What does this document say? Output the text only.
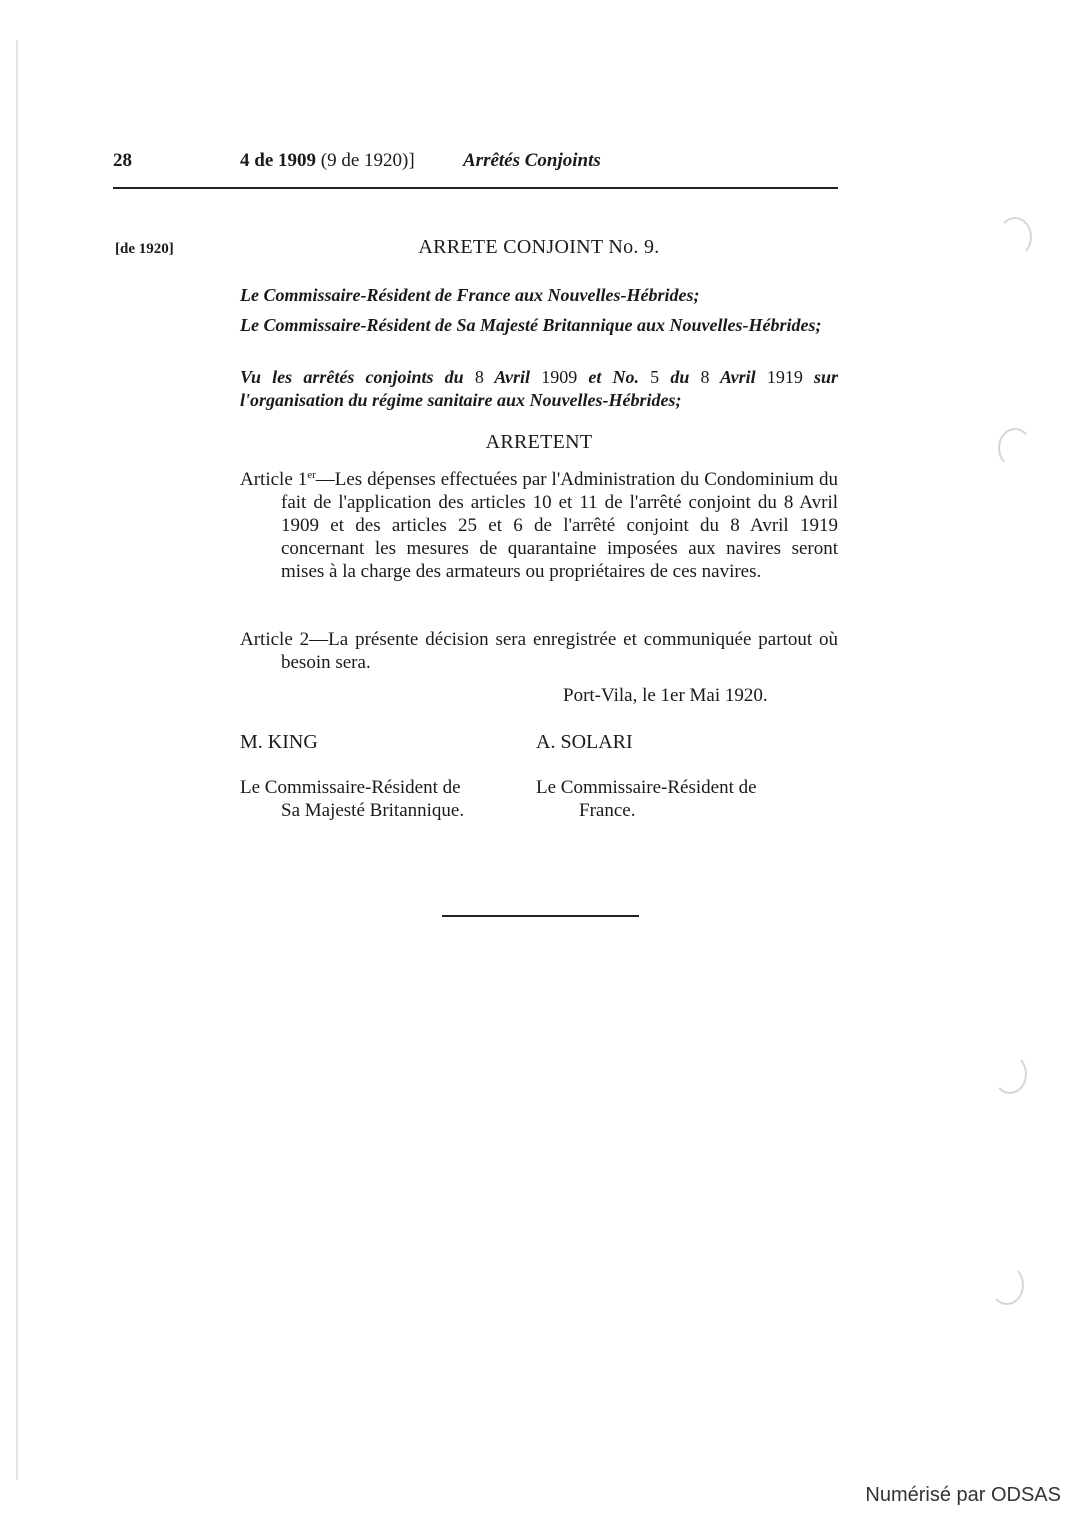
28	4 de 1909 (9 de 1920)]	Arrêtés Conjoints
[de 1920]	ARRETE CONJOINT No. 9.
Le Commissaire-Résident de France aux Nouvelles-Hébrides;
Le Commissaire-Résident de Sa Majesté Britannique aux Nouvelles-Hébrides;
Vu les arrêtés conjoints du 8 Avril 1909 et No. 5 du 8 Avril 1919 sur l'organisation du régime sanitaire aux Nouvelles-Hébrides;
ARRETENT
Article 1er—Les dépenses effectuées par l'Administration du Condominium du fait de l'application des articles 10 et 11 de l'arrêté conjoint du 8 Avril 1909 et des articles 25 et 6 de l'arrêté conjoint du 8 Avril 1919 concernant les mesures de quarantaine imposées aux navires seront mises à la charge des armateurs ou propriétaires de ces navires.
Article 2—La présente décision sera enregistrée et communiquée partout où besoin sera.
Port-Vila, le 1er Mai 1920.
M. KING	A. SOLARI
Le Commissaire-Résident de
Sa Majesté Britannique.
Le Commissaire-Résident de
France.
Numérisé par ODSAS
